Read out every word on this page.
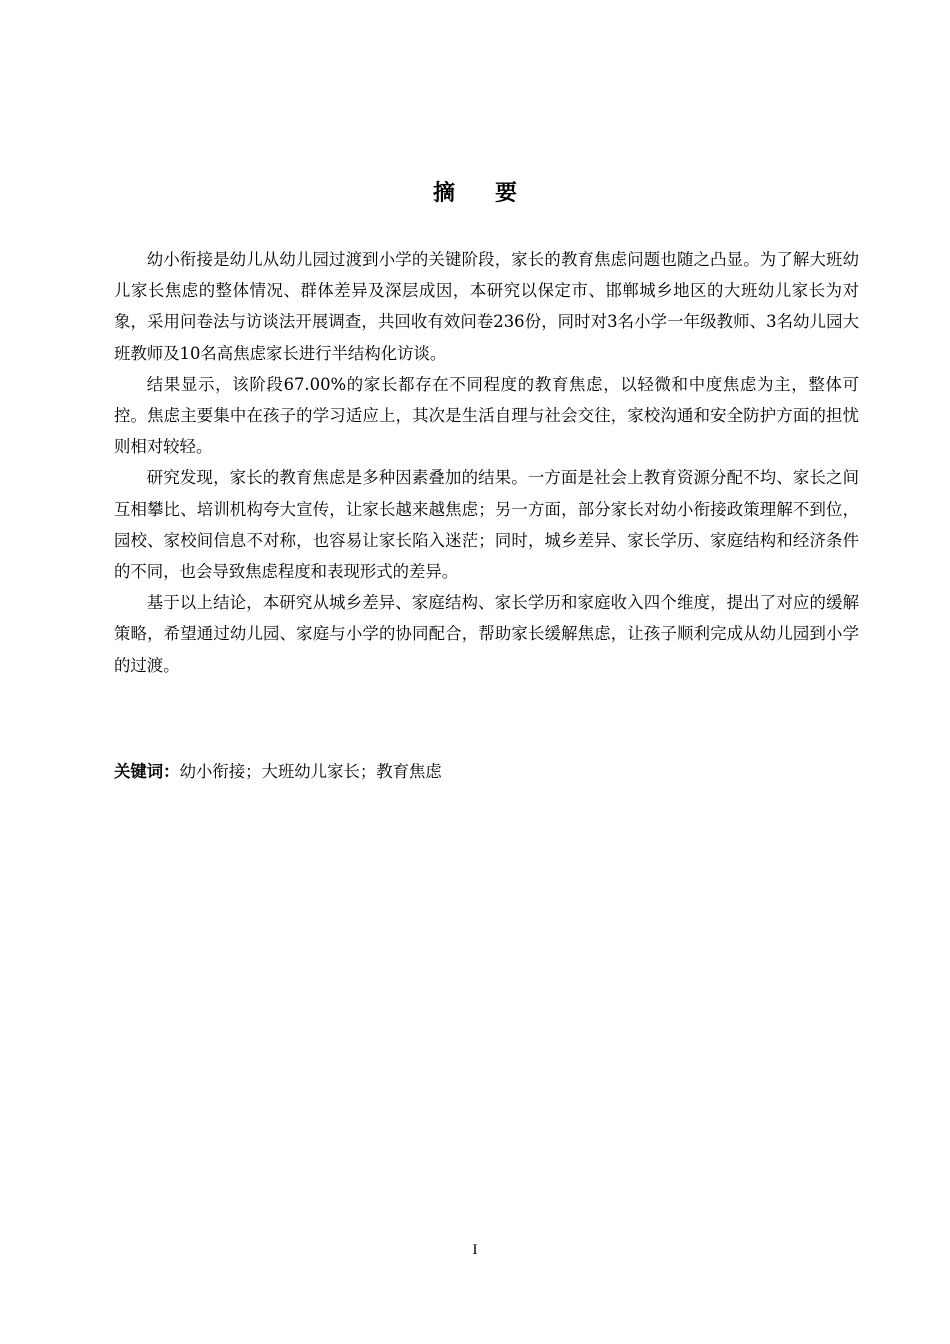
摘要

幼小衔接是幼儿从幼儿园过渡到小学的关键阶段，家长的教育焦虑问题也随之凸显。为了解大班幼儿家长焦虑的整体情况、群体差异及深层成因，本研究以保定市、邯郸城乡地区的大班幼儿家长为对象，采用问卷法与访谈法开展调查，共回收有效问卷236份，同时对3名小学一年级教师、3名幼儿园大班教师及10名高焦虑家长进行半结构化访谈。

结果显示，该阶段67.00%的家长都存在不同程度的教育焦虑，以轻微和中度焦虑为主，整体可控。焦虑主要集中在孩子的学习适应上，其次是生活自理与社会交往，家校沟通和安全防护方面的担忧则相对较轻。

研究发现，家长的教育焦虑是多种因素叠加的结果。一方面是社会上教育资源分配不均、家长之间互相攀比、培训机构夸大宣传，让家长越来越焦虑；另一方面，部分家长对幼小衔接政策理解不到位，园校、家校间信息不对称，也容易让家长陷入迷茫；同时，城乡差异、家长学历、家庭结构和经济条件的不同，也会导致焦虑程度和表现形式的差异。

基于以上结论，本研究从城乡差异、家庭结构、家长学历和家庭收入四个维度，提出了对应的缓解策略，希望通过幼儿园、家庭与小学的协同配合，帮助家长缓解焦虑，让孩子顺利完成从幼儿园到小学的过渡。

关键词：幼小衔接；大班幼儿家长；教育焦虑
I
